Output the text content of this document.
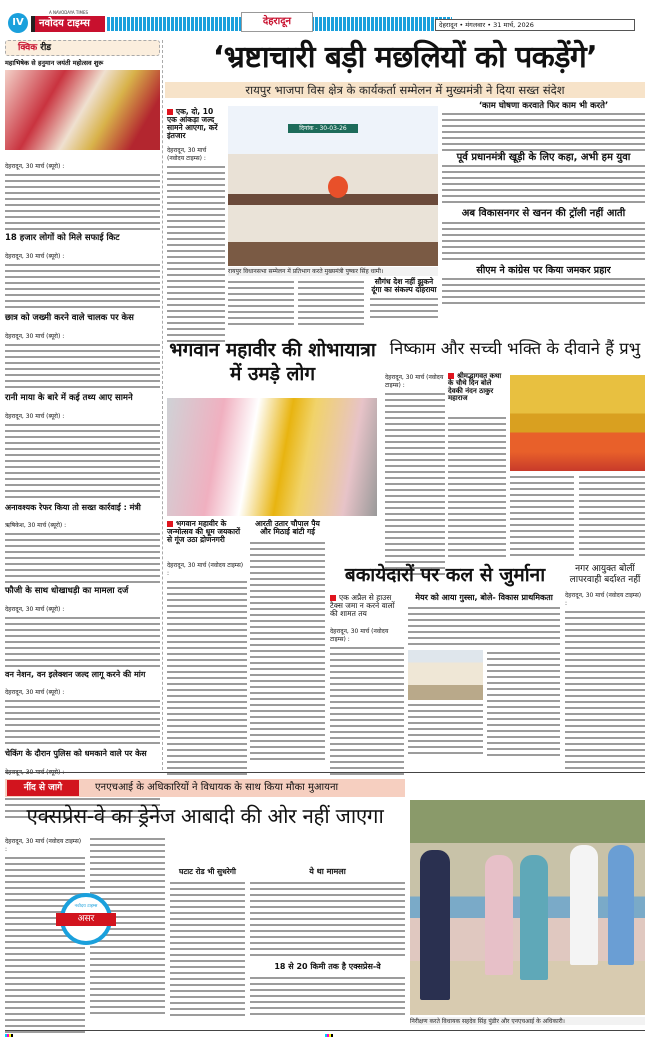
IV
A NAVODAYA TIMES
नवोदय टाइम्स	देहरादून	देहरादून • मंगलवार • 31 मार्च, 2026
क्विक रीड
महाभिषेक से हनुमान जयंती महोत्सव शुरू
देहरादून, 30 मार्च (ब्यूरो) :
18 हजार लोगों को मिले सफाई किट
देहरादून, 30 मार्च (ब्यूरो) :
छात्र को जख्मी करने वाले चालक पर केस
देहरादून, 30 मार्च (ब्यूरो) :
रानी माया के बारे में कई तथ्य आए सामने
देहरादून, 30 मार्च (ब्यूरो) :
अनावश्यक रेफर किया तो सख्त कार्रवाई : मंत्री
ऋषिकेश, 30 मार्च (ब्यूरो) :
फौजी के साथ धोखाधड़ी का मामला दर्ज
देहरादून, 30 मार्च (ब्यूरो) :
वन नेशन, वन इलेक्शन जल्द लागू करने की मांग
देहरादून, 30 मार्च (ब्यूरो) :
चेकिंग के दौरान पुलिस को धमकाने वाले पर केस
‘भ्रष्टाचारी बड़ी मछलियों को पकड़ेंगे’
रायपुर भाजपा विस क्षेत्र के कार्यकर्ता सम्मेलन में मुख्यमंत्री ने दिया सख्त संदेश
एक, दो, 10 एक आंकड़ा जल्द सामने आएगा, करें इंतजार
देहरादून, 30 मार्च (नवोदय टाइम्स) :
दिनांक - 30-03-26
रायपुर विधानसभा सम्मेलन में प्रतिभाग करते मुख्यमंत्री पुष्कर सिंह धामी।
सौगंध देश नहीं झुकने दूंगा का संकल्प दोहराया
‘काम घोषणा करवाते फिर काम भी करते’
पूर्व प्रधानमंत्री खूड़ी के लिए कहा, अभी हम युवा
अब विकासनगर से खनन की ट्रॉली नहीं आती
सीएम ने कांग्रेस पर किया जमकर प्रहार
भगवान महावीर की शोभायात्रा में उमड़े लोग
भगवान महावीर के जन्मोत्सव की धूम जयकारों से गूंज उठा द्रोणनगरी
देहरादून, 30 मार्च (नवोदय टाइम्स) :
आरती उतार चौपाल पैय और मिठाई बांटी गई
निष्काम और सच्ची भक्ति के दीवाने हैं प्रभु
देहरादून, 30 मार्च (नवोदय टाइम्स) :
श्रीमद्भागवत कथा के चौथे दिन बोले देवकी नंदन ठाकुर महाराज
बकायेदारों पर कल से जुर्माना
एक अप्रैल से हाउस टैक्स जमा न करने वालों की शामत तय
देहरादून, 30 मार्च (नवोदय टाइम्स) :
मेयर को आया गुस्सा, बोले- विकास प्राथमिकता
नगर आयुक्त बोलीं लापरवाही बर्दाश्त नहीं
देहरादून, 30 मार्च (नवोदय टाइम्स) :
नींद से जागे	एनएचआई के अधिकारियों ने विधायक के साथ किया मौका मुआयना
एक्सप्रेस-वे का ड्रेनेज आबादी की ओर नहीं जाएगा
देहरादून, 30 मार्च (नवोदय टाइम्स) :
नवोदय टाइम्स
असर
घटाट रोड भी सुधरेगी	ये था मामला
18 से 20 किमी तक है एक्सप्रेस-वे
निरीक्षण करते विधायक सहदेव सिंह पुंडीर और एनएचआई के अधिकारी।
